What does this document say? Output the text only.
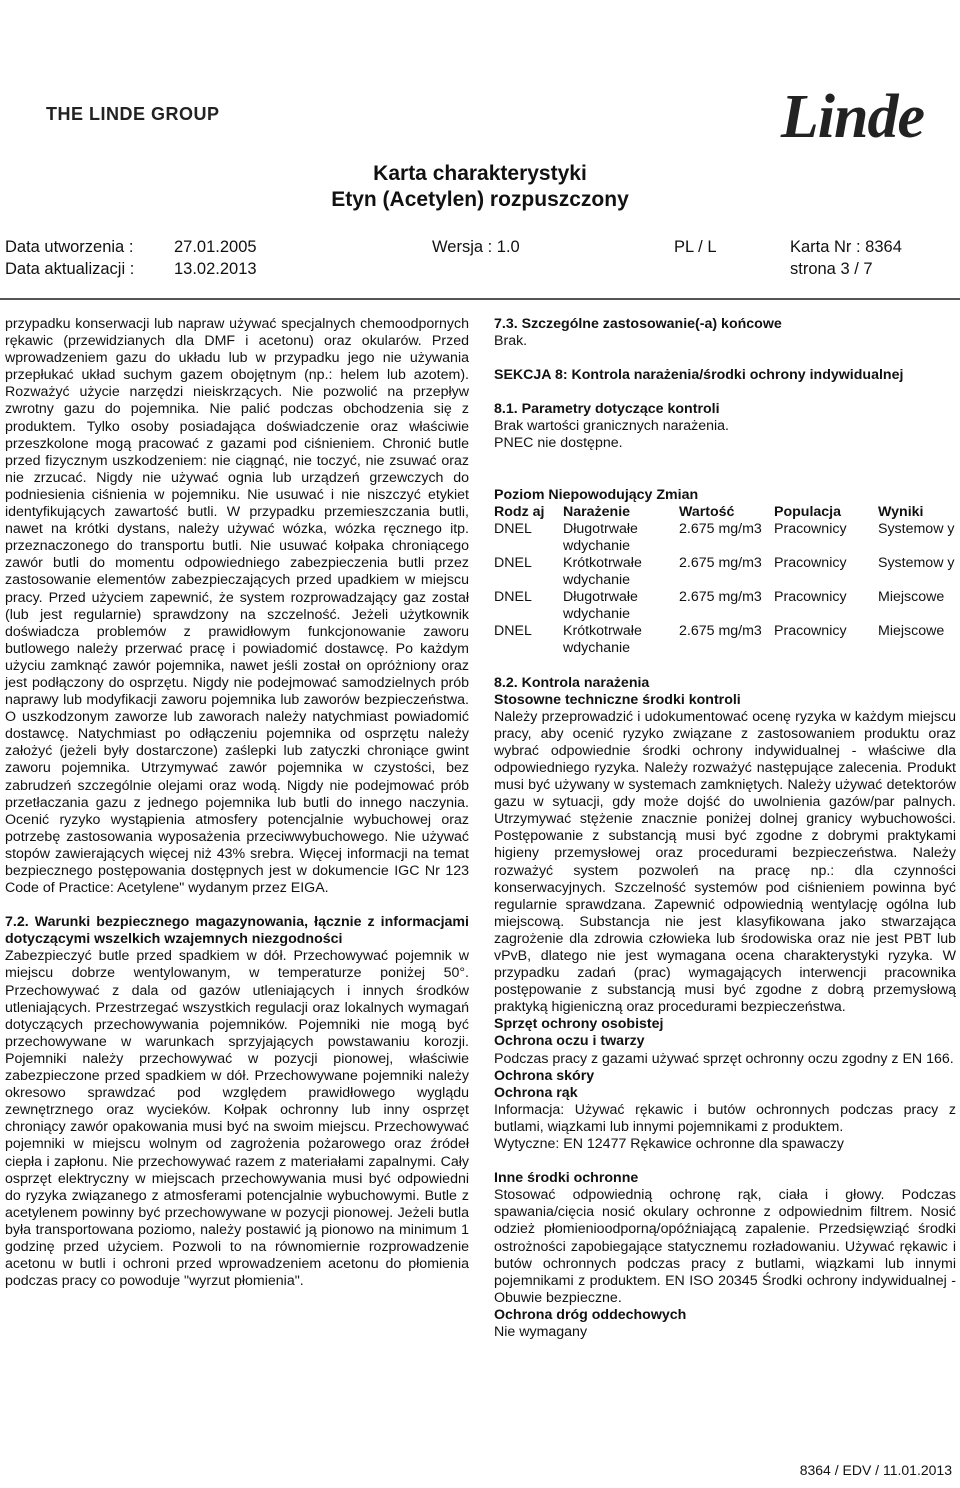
THE LINDE GROUP	Linde
Karta charakterystyki
Etyn (Acetylen) rozpuszczony
Data utworzenia : 27.01.2005
Data aktualizacji : 13.02.2013
Wersja : 1.0	PL / L	Karta Nr : 8364
strona 3 / 7

przypadku konserwacji lub napraw używać specjalnych chemoodpornych rękawic (przewidzianych dla DMF i acetonu) oraz okularów. Przed wprowadzeniem gazu do układu lub w przypadku jego nie używania przepłukać układ suchym gazem obojętnym (np.: helem lub azotem). Rozważyć użycie narzędzi nieiskrzących. Nie pozwolić na przepływ zwrotny gazu do pojemnika. Nie palić podczas obchodzenia się z produktem. Tylko osoby posiadająca doświadczenie oraz właściwie przeszkolone mogą pracować z gazami pod ciśnieniem. Chronić butle przed fizycznym uszkodzeniem: nie ciągnąć, nie toczyć, nie zsuwać oraz nie zrzucać. Nigdy nie używać ognia lub urządzeń grzewczych do podniesienia ciśnienia w pojemniku. Nie usuwać i nie niszczyć etykiet identyfikujących zawartość butli. W przypadku przemieszczania butli, nawet na krótki dystans, należy używać wózka, wózka ręcznego itp. przeznaczonego do transportu butli. Nie usuwać kołpaka chroniącego zawór butli do momentu odpowiedniego zabezpieczenia butli przez zastosowanie elementów zabezpieczających przed upadkiem w miejscu pracy. Przed użyciem zapewnić, że system rozprowadzający gaz został (lub jest regularnie) sprawdzony na szczelność. Jeżeli użytkownik doświadcza problemów z prawidłowym funkcjonowanie zaworu butlowego należy przerwać pracę i powiadomić dostawcę. Po każdym użyciu zamknąć zawór pojemnika, nawet jeśli został on opróżniony oraz jest podłączony do osprzętu. Nigdy nie podejmować samodzielnych prób naprawy lub modyfikacji zaworu pojemnika lub zaworów bezpieczeństwa. O uszkodzonym zaworze lub zaworach należy natychmiast powiadomić dostawcę. Natychmiast po odłączeniu pojemnika od osprzętu należy założyć (jeżeli były dostarczone) zaślepki lub zatyczki chroniące gwint zaworu pojemnika. Utrzymywać zawór pojemnika w czystości, bez zabrudzeń szczególnie olejami oraz wodą. Nigdy nie podejmować prób przetłaczania gazu z jednego pojemnika lub butli do innego naczynia. Ocenić ryzyko wystąpienia atmosfery potencjalnie wybuchowej oraz potrzebę zastosowania wyposażenia przeciwwybuchowego. Nie używać stopów zawierających więcej niż 43% srebra. Więcej informacji na temat bezpiecznego postępowania dostępnych jest w dokumencie IGC Nr 123 Code of Practice: Acetylene" wydanym przez EIGA.

7.2. Warunki bezpiecznego magazynowania, łącznie z informacjami dotyczącymi wszelkich wzajemnych niezgodności

Zabezpieczyć butle przed spadkiem w dół. Przechowywać pojemnik w miejscu dobrze wentylowanym, w temperaturze poniżej 50°. Przechowywać z dala od gazów utleniających i innych środków utleniających. Przestrzegać wszystkich regulacji oraz lokalnych wymagań dotyczących przechowywania pojemników. Pojemniki nie mogą być przechowywane w warunkach sprzyjających powstawaniu korozji. Pojemniki należy przechowywać w pozycji pionowej, właściwie zabezpieczone przed spadkiem w dół. Przechowywane pojemniki należy okresowo sprawdzać pod względem prawidłowego wyglądu zewnętrznego oraz wycieków. Kołpak ochronny lub inny osprzęt chroniący zawór opakowania musi być na swoim miejscu. Przechowywać pojemniki w miejscu wolnym od zagrożenia pożarowego oraz źródeł ciepła i zapłonu. Nie przechowywać razem z materiałami zapalnymi. Cały osprzęt elektryczny w miejscach przechowywania musi być odpowiedni do ryzyka związanego z atmosferami potencjalnie wybuchowymi. Butle z acetylenem powinny być przechowywane w pozycji pionowej. Jeżeli butla była transportowana poziomo, należy postawić ją pionowo na minimum 1 godzinę przed użyciem. Pozwoli to na równomiernie rozprowadzenie acetonu w butli i ochroni przed wprowadzeniem acetonu do płomienia podczas pracy co powoduje "wyrzut płomienia".

7.3. Szczególne zastosowanie(-a) końcowe

Brak.

SEKCJA 8: Kontrola narażenia/środki ochrony indywidualnej

8.1. Parametry dotyczące kontroli

Brak wartości granicznych narażenia.

PNEC nie dostępne.

Poziom Niepowodujący Zmian

Rodz aj	Narażenie	Wartość	Populacja	Wyniki
DNEL	Długotrwałe wdychanie	2.675 mg/m3	Pracownicy	Systemow y
DNEL	Krótkotrwałe wdychanie	2.675 mg/m3	Pracownicy	Systemow y
DNEL	Długotrwałe wdychanie	2.675 mg/m3	Pracownicy	Miejscowe
DNEL	Krótkotrwałe wdychanie	2.675 mg/m3	Pracownicy	Miejscowe

8.2. Kontrola narażenia

Stosowne techniczne środki kontroli

Należy przeprowadzić i udokumentować ocenę ryzyka w każdym miejscu pracy, aby ocenić ryzyko związane z zastosowaniem produktu oraz wybrać odpowiednie środki ochrony indywidualnej - właściwe dla odpowiedniego ryzyka. Należy rozważyć następujące zalecenia. Produkt musi być używany w systemach zamkniętych. Należy używać detektorów gazu w sytuacji, gdy może dojść do uwolnienia gazów/par palnych. Utrzymywać stężenie znacznie poniżej dolnej granicy wybuchowości. Postępowanie z substancją musi być zgodne z dobrymi praktykami higieny przemysłowej oraz procedurami bezpieczeństwa. Należy rozważyć system pozwoleń na pracę np.: dla czynności konserwacyjnych. Szczelność systemów pod ciśnieniem powinna być regularnie sprawdzana. Zapewnić odpowiednią wentylację ogólna lub miejscową. Substancja nie jest klasyfikowana jako stwarzająca zagrożenie dla zdrowia człowieka lub środowiska oraz nie jest PBT lub vPvB, dlatego nie jest wymagana ocena charakterystyki ryzyka. W przypadku zadań (prac) wymagających interwencji pracownika postępowanie z substancją musi być zgodne z dobrą przemysłową praktyką higieniczną oraz procedurami bezpieczeństwa.

Sprzęt ochrony osobistej

Ochrona oczu i twarzy

Podczas pracy z gazami używać sprzęt ochronny oczu zgodny z EN 166.

Ochrona skóry

Ochrona rąk

Informacja: Używać rękawic i butów ochronnych podczas pracy z butlami, wiązkami lub innymi pojemnikami z produktem.

Wytyczne: EN 12477 Rękawice ochronne dla spawaczy

Inne środki ochronne

Stosować odpowiednią ochronę rąk, ciała i głowy. Podczas spawania/cięcia nosić okulary ochronne z odpowiednim filtrem. Nosić odzież płomienioodporną/opóźniającą zapalenie. Przedsięwziąć środki ostrożności zapobiegające statycznemu rozładowaniu. Używać rękawic i butów ochronnych podczas pracy z butlami, wiązkami lub innymi pojemnikami z produktem. EN ISO 20345 Środki ochrony indywidualnej - Obuwie bezpieczne.

Ochrona dróg oddechowych

Nie wymagany

8364 / EDV / 11.01.2013
